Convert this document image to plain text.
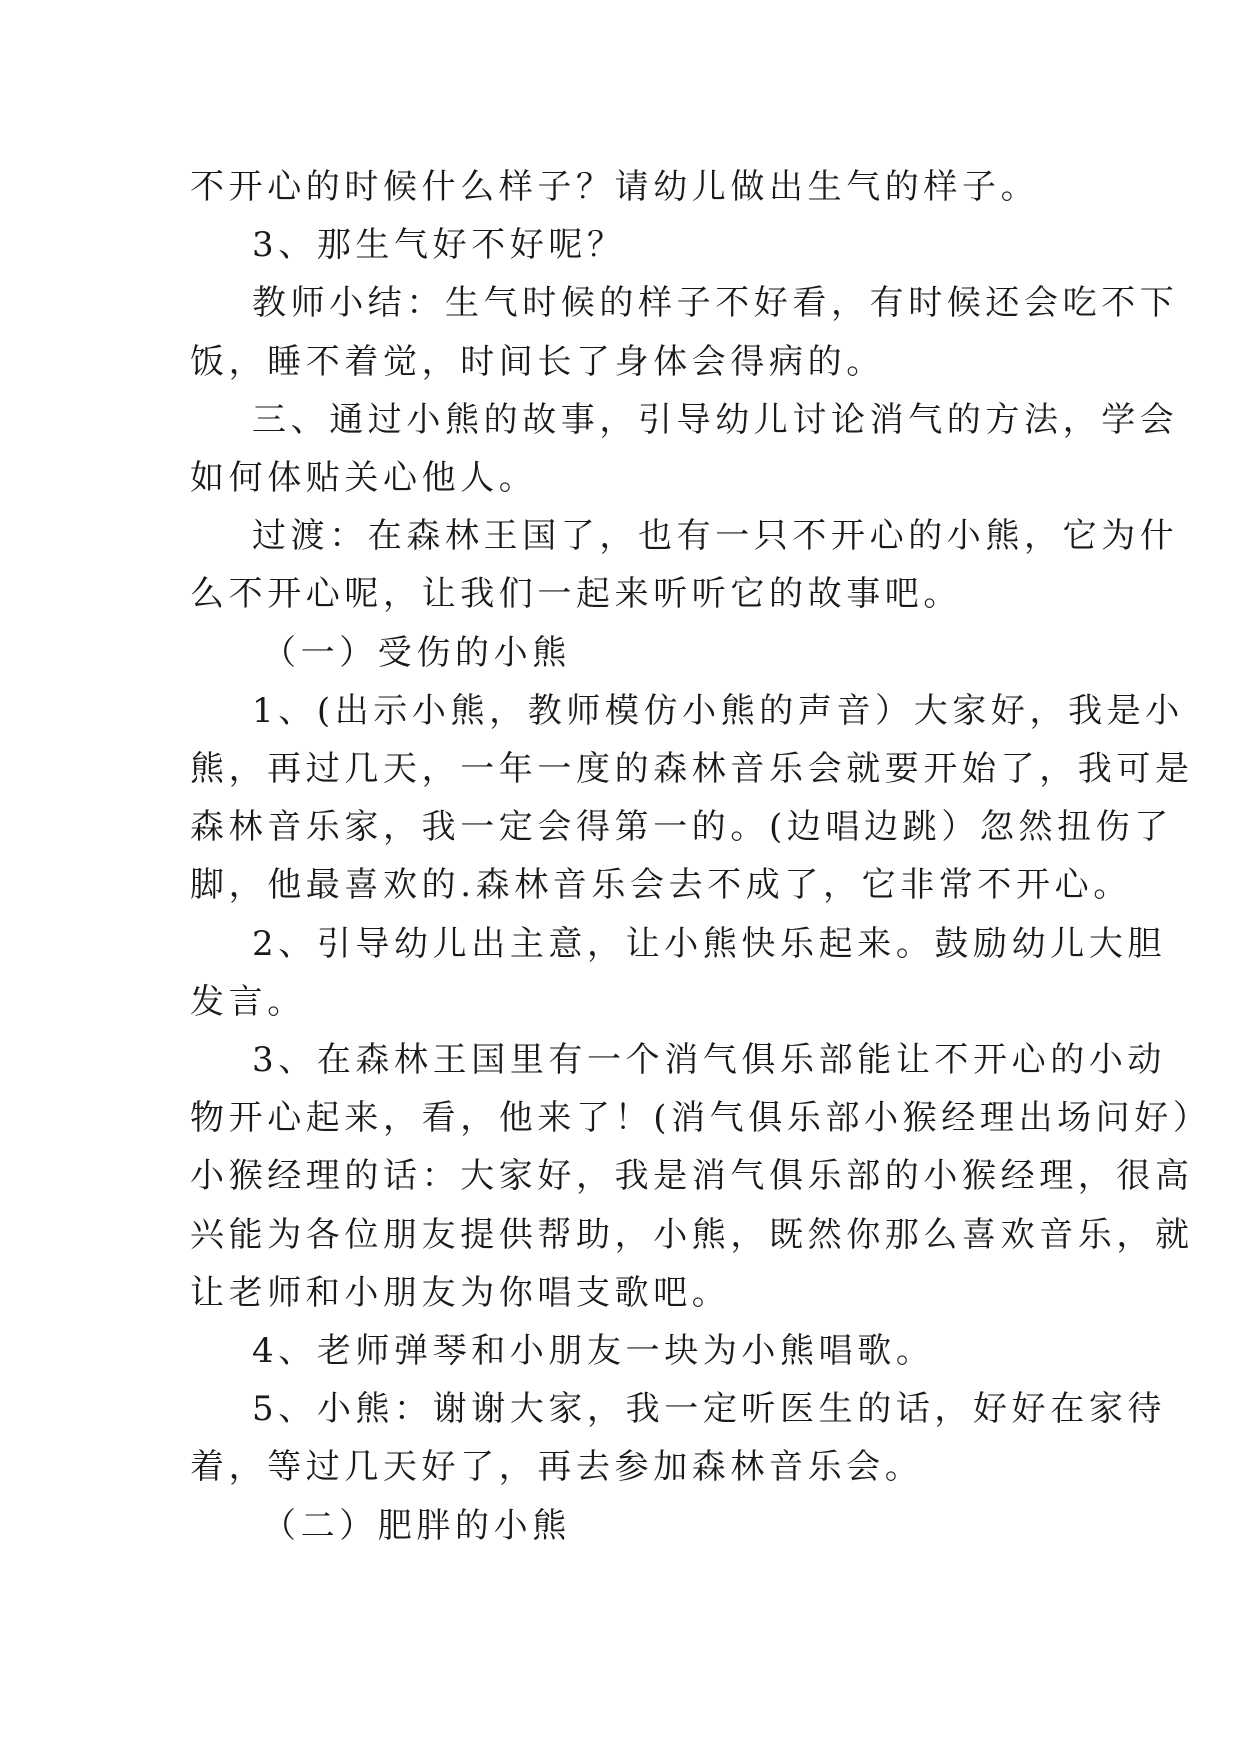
不开心的时候什么样子？请幼儿做出生气的样子。

3、那生气好不好呢？

教师小结：生气时候的样子不好看，有时候还会吃不下

饭，睡不着觉，时间长了身体会得病的。

三、通过小熊的故事，引导幼儿讨论消气的方法，学会

如何体贴关心他人。

过渡：在森林王国了，也有一只不开心的小熊，它为什

么不开心呢，让我们一起来听听它的故事吧。

（一）受伤的小熊

1、(出示小熊，教师模仿小熊的声音）大家好，我是小

熊，再过几天，一年一度的森林音乐会就要开始了，我可是

森林音乐家，我一定会得第一的。(边唱边跳）忽然扭伤了

脚，他最喜欢的.森林音乐会去不成了，它非常不开心。

2、引导幼儿出主意，让小熊快乐起来。鼓励幼儿大胆

发言。

3、在森林王国里有一个消气俱乐部能让不开心的小动

物开心起来，看，他来了！(消气俱乐部小猴经理出场问好）

小猴经理的话：大家好，我是消气俱乐部的小猴经理，很高

兴能为各位朋友提供帮助，小熊，既然你那么喜欢音乐，就

让老师和小朋友为你唱支歌吧。

4、老师弹琴和小朋友一块为小熊唱歌。

5、小熊：谢谢大家，我一定听医生的话，好好在家待

着，等过几天好了，再去参加森林音乐会。

（二）肥胖的小熊
